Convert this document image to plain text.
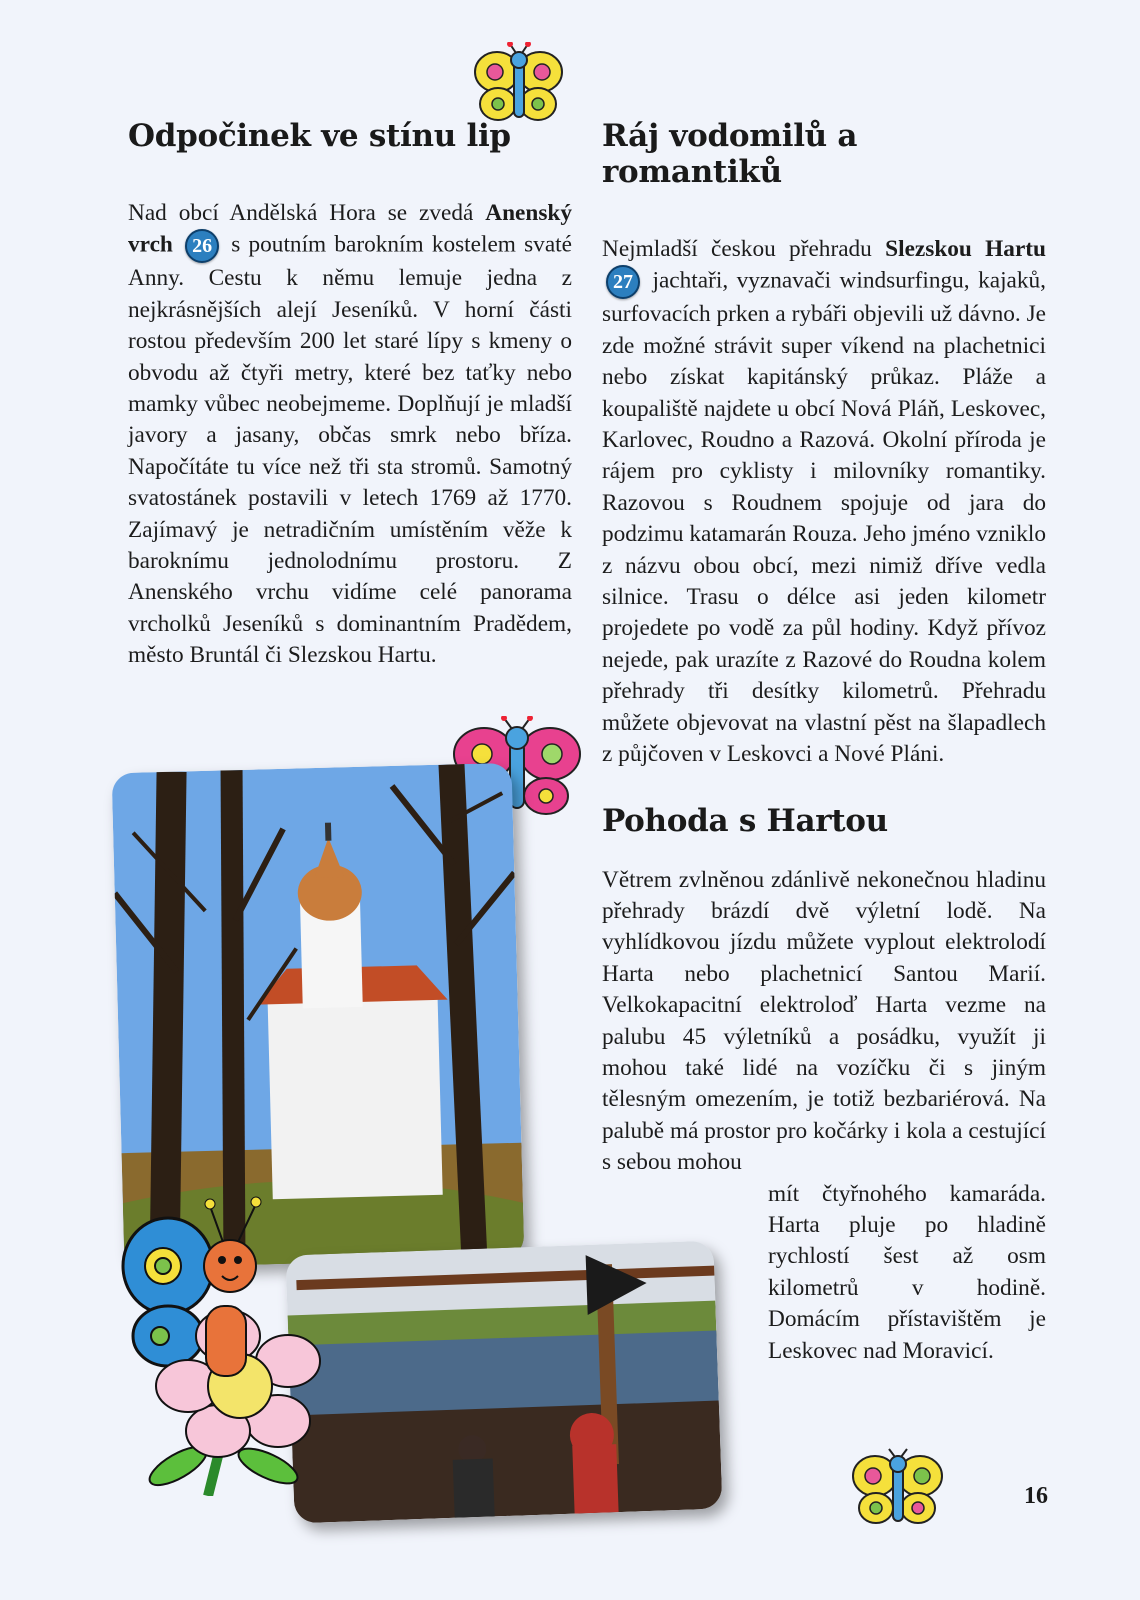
Odpočinek ve stínu lip

Nad obcí Andělská Hora se zvedá Anenský vrch 26 s poutním barokním kostelem svaté Anny. Cestu k němu lemuje jedna z nejkrásnějších alejí Jeseníků. V horní části rostou především 200 let staré lípy s kmeny o obvodu až čtyři metry, které bez taťky nebo mamky vůbec neobejmeme. Doplňují je mladší javory a jasany, občas smrk nebo bříza. Napočítáte tu více než tři sta stromů. Samotný svatostánek postavili v letech 1769 až 1770. Zajímavý je netradičním umístěním věže k baroknímu jednolodnímu prostoru. Z Anenského vrchu vidíme celé panorama vrcholků Jeseníků s dominantním Pradědem, město Bruntál či Slezskou Hartu.

Ráj vodomilů a romantiků

Nejmladší českou přehradu Slezskou Hartu 27 jachtaři, vyznavači windsurfingu, kajaků, surfovacích prken a rybáři objevili už dávno. Je zde možné strávit super víkend na plachetnici nebo získat kapitánský průkaz. Pláže a koupaliště najdete u obcí Nová Pláň, Leskovec, Karlovec, Roudno a Razová. Okolní příroda je rájem pro cyklisty i milovníky romantiky. Razovou s Roudnem spojuje od jara do podzimu katamarán Rouza. Jeho jméno vzniklo z názvu obou obcí, mezi nimiž dříve vedla silnice. Trasu o délce asi jeden kilometr projedete po vodě za půl hodiny. Když přívoz nejede, pak urazíte z Razové do Roudna kolem přehrady tři desítky kilometrů. Přehradu můžete objevovat na vlastní pěst na šlapadlech z půjčoven v Leskovci a Nové Pláni.

Pohoda s Hartou

Větrem zvlněnou zdánlivě nekonečnou hladinu přehrady brázdí dvě výletní lodě. Na vyhlídkovou jízdu můžete vyplout elektrolodí Harta nebo plachetnicí Santou Marií. Velkokapacitní elektroloď Harta vezme na palubu 45 výletníků a posádku, využít ji mohou také lidé na vozíčku či s jiným tělesným omezením, je totiž bezbariérová. Na palubě má prostor pro kočárky i kola a cestující s sebou mohou

mít čtyřnohého kamaráda. Harta pluje po hladině rychlostí šest až osm kilometrů v hodině. Domácím přístavištěm je Leskovec nad Moravicí.

16
